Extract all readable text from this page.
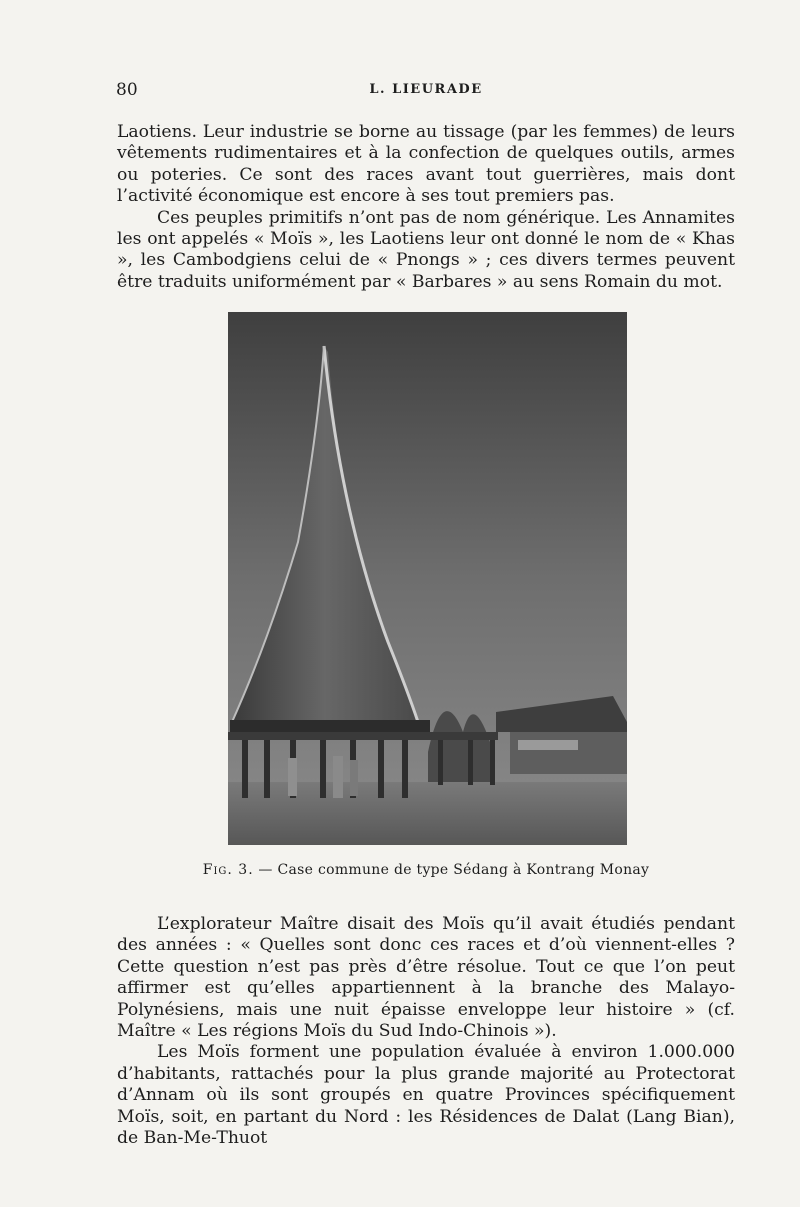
80	L. LIEURADE

Laotiens. Leur industrie se borne au tissage (par les femmes) de leurs vêtements rudimentaires et à la confection de quelques outils, armes ou poteries. Ce sont des races avant tout guerrières, mais dont l’activité économique est encore à ses tout premiers pas.

Ces peuples primitifs n’ont pas de nom générique. Les Annamites les ont appelés « Moïs », les Laotiens leur ont donné le nom de « Khas », les Cambodgiens celui de « Pnongs » ; ces divers termes peuvent être traduits uniformément par « Barbares » au sens Romain du mot.

Fig. 3. — Case commune de type Sédang à Kontrang Monay

L’explorateur Maître disait des Moïs qu’il avait étudiés pendant des années : « Quelles sont donc ces races et d’où viennent-elles ? Cette question n’est pas près d’être résolue. Tout ce que l’on peut affirmer est qu’elles appartiennent à la branche des Malayo-Polynésiens, mais une nuit épaisse enveloppe leur histoire » (cf. Maître « Les régions Moïs du Sud Indo-Chinois »).

Les Moïs forment une population évaluée à environ 1.000.000 d’habitants, rattachés pour la plus grande majorité au Protectorat d’Annam où ils sont groupés en quatre Provinces spécifiquement Moïs, soit, en partant du Nord : les Résidences de Dalat (Lang Bian), de Ban-Me-Thuot
